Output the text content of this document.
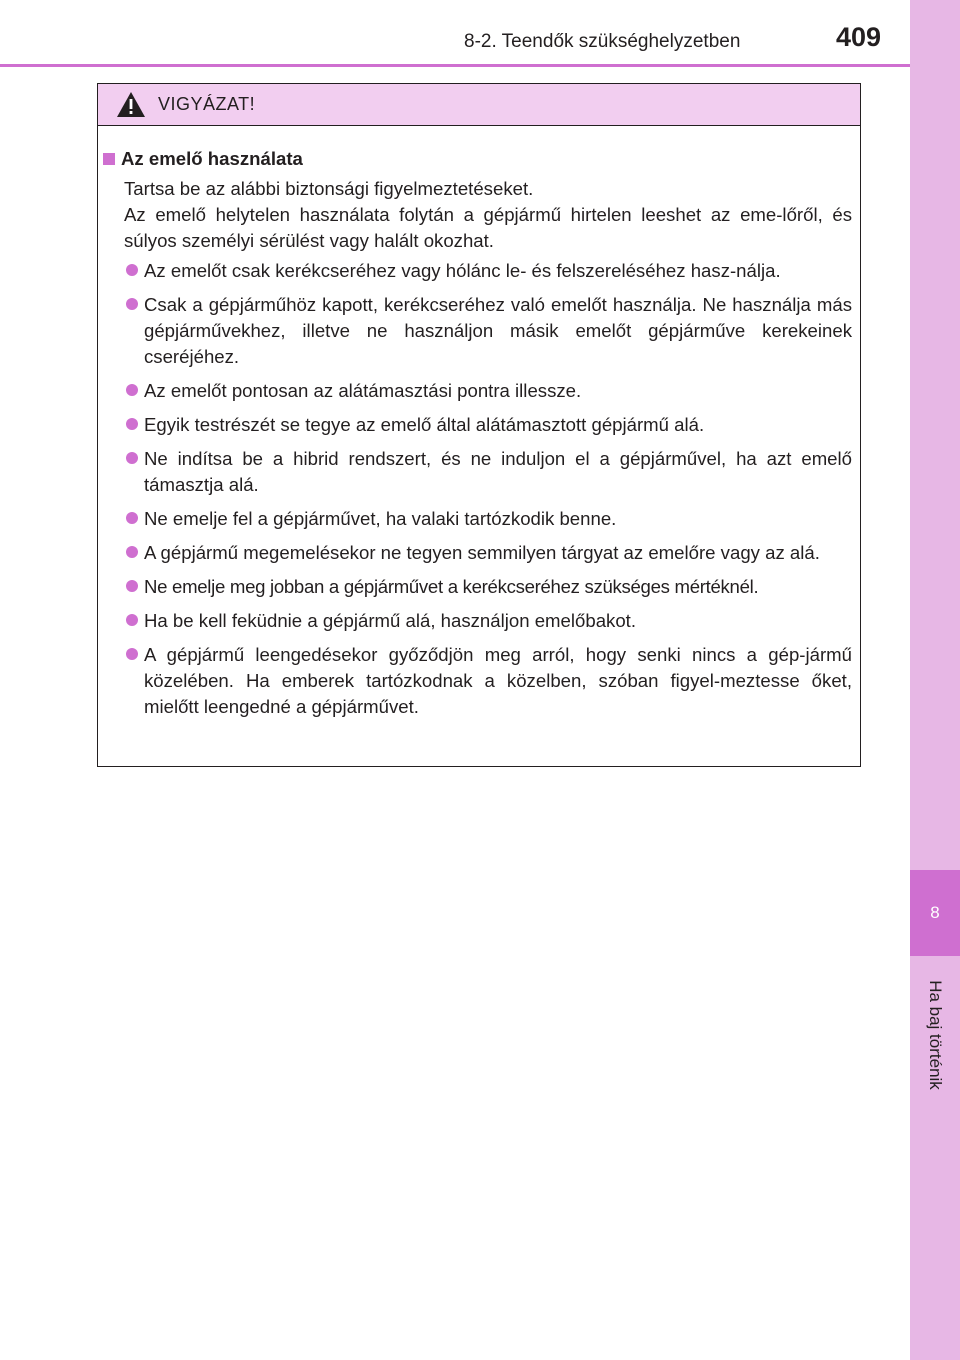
8-2. Teendők szükséghelyzetben	409
8
Ha baj történik
VIGYÁZAT!
Az emelő használata

Tartsa be az alábbi biztonsági figyelmeztetéseket.

Az emelő helytelen használata folytán a gépjármű hirtelen leeshet az eme-lőről, és súlyos személyi sérülést vagy halált okozhat.

Az emelőt csak kerékcseréhez vagy hólánc le- és felszereléséhez hasz-nálja.
Csak a gépjárműhöz kapott, kerékcseréhez való emelőt használja. Ne használja más gépjárművekhez, illetve ne használjon másik emelőt gépjárműve kerekeinek cseréjéhez.
Az emelőt pontosan az alátámasztási pontra illessze.
Egyik testrészét se tegye az emelő által alátámasztott gépjármű alá.
Ne indítsa be a hibrid rendszert, és ne induljon el a gépjárművel, ha azt emelő támasztja alá.
Ne emelje fel a gépjárművet, ha valaki tartózkodik benne.
A gépjármű megemelésekor ne tegyen semmilyen tárgyat az emelőre vagy az alá.
Ne emelje meg jobban a gépjárművet a kerékcseréhez szükséges mértéknél.
Ha be kell feküdnie a gépjármű alá, használjon emelőbakot.
A gépjármű leengedésekor győződjön meg arról, hogy senki nincs a gép-jármű közelében. Ha emberek tartózkodnak a közelben, szóban figyel-meztesse őket, mielőtt leengedné a gépjárművet.
